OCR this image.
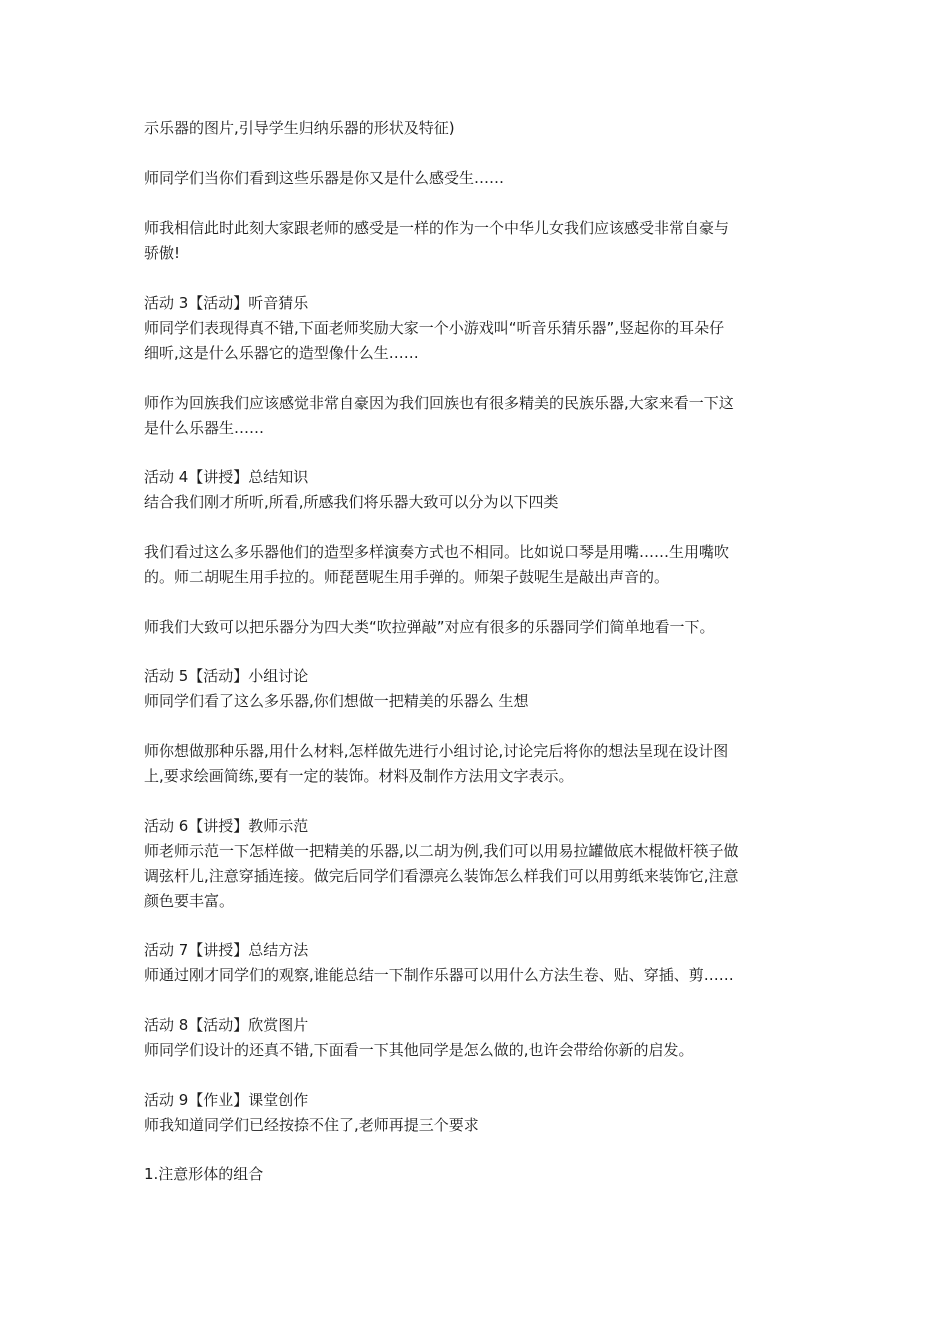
示乐器的图片,引导学生归纳乐器的形状及特征)
师同学们当你们看到这些乐器是你又是什么感受生……
师我相信此时此刻大家跟老师的感受是一样的作为一个中华儿女我们应该感受非常自豪与
骄傲!
活动 3【活动】听音猜乐
师同学们表现得真不错,下面老师奖励大家一个小游戏叫“听音乐猜乐器”,竖起你的耳朵仔
细听,这是什么乐器它的造型像什么生……
师作为回族我们应该感觉非常自豪因为我们回族也有很多精美的民族乐器,大家来看一下这
是什么乐器生……
活动 4【讲授】总结知识
结合我们刚才所听,所看,所感我们将乐器大致可以分为以下四类
我们看过这么多乐器他们的造型多样演奏方式也不相同。比如说口琴是用嘴……生用嘴吹
的。师二胡呢生用手拉的。师琵琶呢生用手弹的。师架子鼓呢生是敲出声音的。
师我们大致可以把乐器分为四大类“吹拉弹敲”对应有很多的乐器同学们简单地看一下。
活动 5【活动】小组讨论
师同学们看了这么多乐器,你们想做一把精美的乐器么 生想
师你想做那种乐器,用什么材料,怎样做先进行小组讨论,讨论完后将你的想法呈现在设计图
上,要求绘画简练,要有一定的装饰。材料及制作方法用文字表示。
活动 6【讲授】教师示范
师老师示范一下怎样做一把精美的乐器,以二胡为例,我们可以用易拉罐做底木棍做杆筷子做
调弦杆儿,注意穿插连接。做完后同学们看漂亮么装饰怎么样我们可以用剪纸来装饰它,注意
颜色要丰富。
活动 7【讲授】总结方法
师通过刚才同学们的观察,谁能总结一下制作乐器可以用什么方法生卷、贴、穿插、剪……
活动 8【活动】欣赏图片
师同学们设计的还真不错,下面看一下其他同学是怎么做的,也许会带给你新的启发。
活动 9【作业】课堂创作
师我知道同学们已经按捺不住了,老师再提三个要求
1.注意形体的组合
